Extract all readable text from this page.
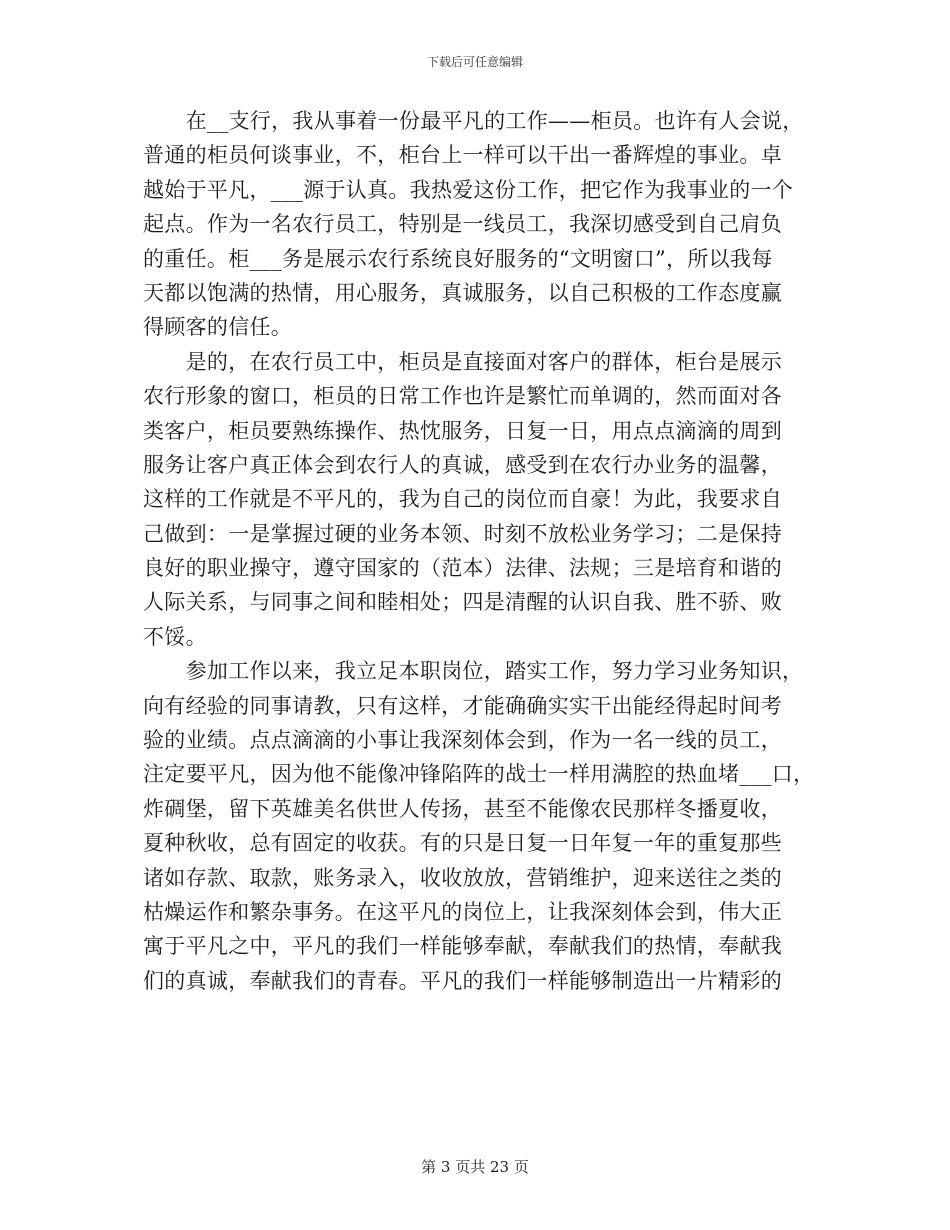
下载后可任意编辑
　　在__支行，我从事着一份最平凡的工作——柜员。也许有人会说，
普通的柜员何谈事业，不，柜台上一样可以干出一番辉煌的事业。卓
越始于平凡，___源于认真。我热爱这份工作，把它作为我事业的一个
起点。作为一名农行员工，特别是一线员工，我深切感受到自己肩负
的重任。柜___务是展示农行系统良好服务的“文明窗口”，所以我每
天都以饱满的热情，用心服务，真诚服务，以自己积极的工作态度赢
得顾客的信任。
　　是的，在农行员工中，柜员是直接面对客户的群体，柜台是展示
农行形象的窗口，柜员的日常工作也许是繁忙而单调的，然而面对各
类客户，柜员要熟练操作、热忱服务，日复一日，用点点滴滴的周到
服务让客户真正体会到农行人的真诚，感受到在农行办业务的温馨，
这样的工作就是不平凡的，我为自己的岗位而自豪！为此，我要求自
己做到：一是掌握过硬的业务本领、时刻不放松业务学习；二是保持
良好的职业操守，遵守国家的（范本）法律、法规；三是培育和谐的
人际关系，与同事之间和睦相处；四是清醒的认识自我、胜不骄、败
不馁。
　　参加工作以来，我立足本职岗位，踏实工作，努力学习业务知识，
向有经验的同事请教，只有这样，才能确确实实干出能经得起时间考
验的业绩。点点滴滴的小事让我深刻体会到，作为一名一线的员工，
注定要平凡，因为他不能像冲锋陷阵的战士一样用满腔的热血堵___口，
炸碉堡，留下英雄美名供世人传扬，甚至不能像农民那样冬播夏收，
夏种秋收，总有固定的收获。有的只是日复一日年复一年的重复那些
诸如存款、取款，账务录入，收收放放，营销维护，迎来送往之类的
枯燥运作和繁杂事务。在这平凡的岗位上，让我深刻体会到，伟大正
寓于平凡之中，平凡的我们一样能够奉献，奉献我们的热情，奉献我
们的真诚，奉献我们的青春。平凡的我们一样能够制造出一片精彩的
第 3 页共 23 页
